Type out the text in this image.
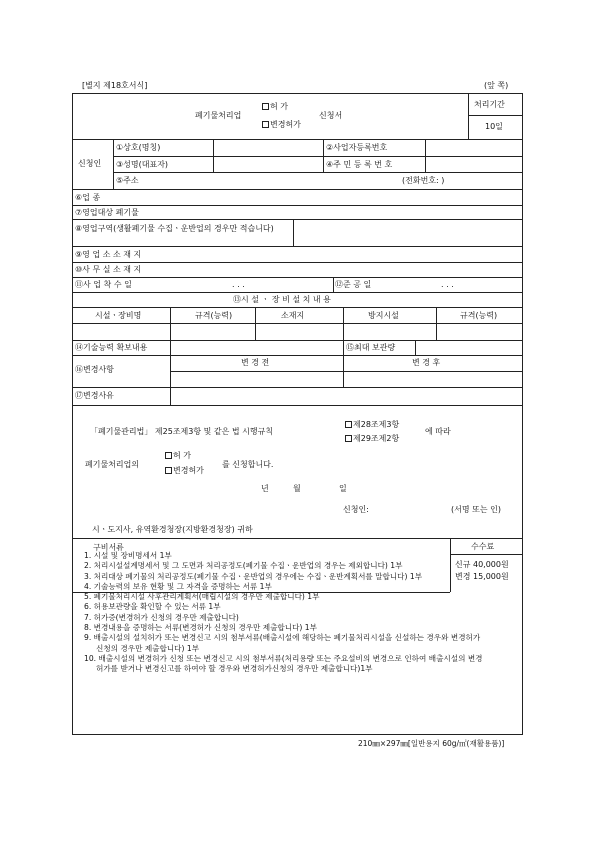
[별지 제18호서식]	(앞 쪽)
폐기물처리업
허 가
변경허가
신청서
처리기간
10일
신청인
①상호(명칭)	②사업자등록번호
③성명(대표자)	④주 민 등 록 번 호
⑤주소	(전화번호: )
⑥업 종
⑦영업대상 폐기물
⑧영업구역(생활폐기물 수집ㆍ운반업의 경우만 적습니다)
⑨영 업 소 소 재 지
⑩사 무 실 소 재 지
⑪사 업 착 수 일	. . .	⑫준 공 일	. . .
⑬시 설 ㆍ 장 비 설 치 내 용
시설ㆍ장비명	규격(능력)	소재지	방지시설	규격(능력)
⑭기술능력 확보내용	⑮최대 보관량
⑯변경사항
변 경 전	변 경 후
⑰변경사유
「폐기물관리법」 제25조제3항 및 같은 법 시행규칙
제28조제3항
제29조제2항
에 따라
폐기물처리업의
허 가
변경허가
를 신청합니다.
년	월	일
신청인:	(서명 또는 인)
시ㆍ도지사, 유역환경청장(지방환경청장) 귀하
구비서류	수수료
신규 40,000원
변경 15,000원
1. 시설 및 장비명세서 1부
2. 처리시설설계명세서 및 그 도면과 처리공정도(폐기물 수집ㆍ운반업의 경우는 제외합니다) 1부
3. 처리대상 폐기물의 처리공정도(폐기물 수집ㆍ운반업의 경우에는 수집ㆍ운반계획서를 말합니다) 1부
4. 기술능력의 보유 현황 및 그 자격을 증명하는 서류 1부
5. 폐기물처리시설 사후관리계획서(매립시설의 경우만 제출합니다) 1부
6. 허용보관량을 확인할 수 있는 서류 1부
7. 허가증(변경허가 신청의 경우만 제출합니다)
8. 변경내용을 증명하는 서류(변경허가 신청의 경우만 제출합니다) 1부
9. 배출시설의 설치허가 또는 변경신고 시의 첨부서류(배출시설에 해당하는 폐기물처리시설을 신설하는 경우와 변경허가 신청의 경우만 제출합니다) 1부
10. 배출시설의 변경허가 신청 또는 변경신고 시의 첨부서류(처리용량 또는 주요설비의 변경으로 인하여 배출시설의 변경허가를 받거나 변경신고를 하여야 할 경우와 변경허가신청의 경우만 제출합니다)1부
210㎜×297㎜[일반용지 60g/㎡(재활용품)]
